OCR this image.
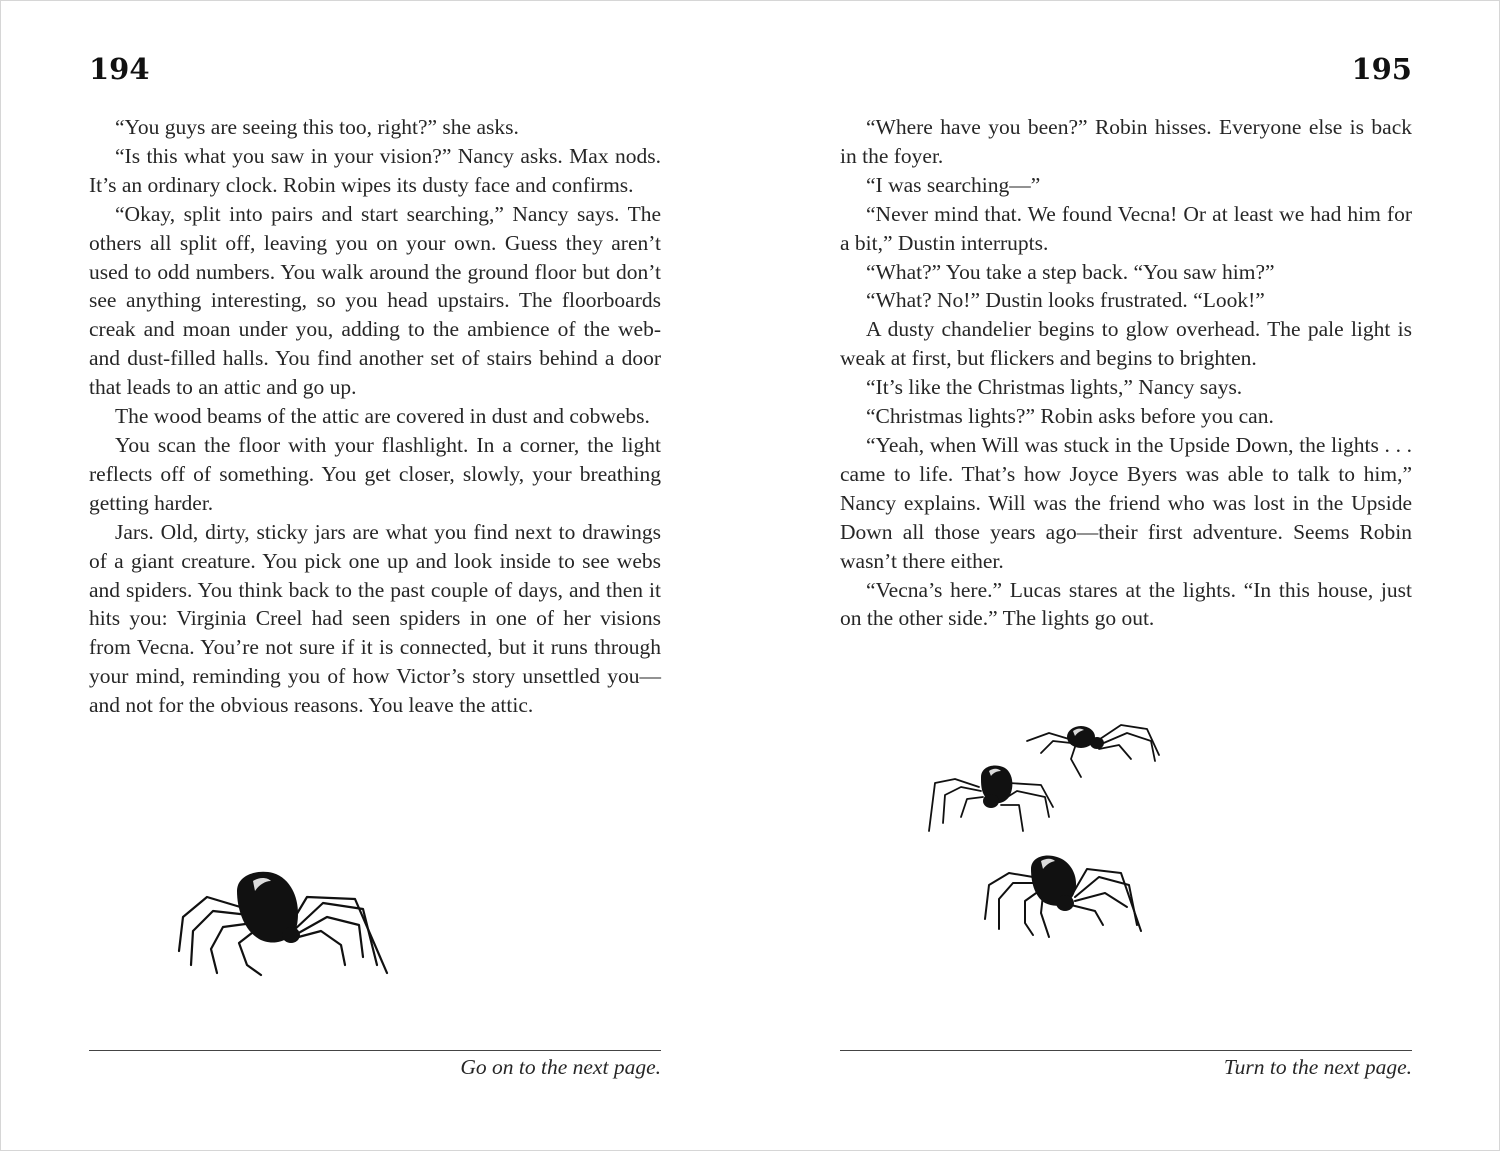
194

“You guys are seeing this too, right?” she asks.

“Is this what you saw in your vision?” Nancy asks. Max nods. It’s an ordinary clock. Robin wipes its dusty face and confirms.

“Okay, split into pairs and start searching,” Nancy says. The others all split off, leaving you on your own. Guess they aren’t used to odd numbers. You walk around the ground floor but don’t see anything interesting, so you head upstairs. The floorboards creak and moan under you, adding to the ambience of the web- and dust-filled halls. You find another set of stairs behind a door that leads to an attic and go up.

The wood beams of the attic are covered in dust and cobwebs.

You scan the floor with your flashlight. In a corner, the light reflects off of something. You get closer, slowly, your breathing getting harder.

Jars. Old, dirty, sticky jars are what you find next to drawings of a giant creature. You pick one up and look inside to see webs and spiders. You think back to the past couple of days, and then it hits you: Virginia Creel had seen spiders in one of her visions from Vecna. You’re not sure if it is connected, but it runs through your mind, reminding you of how Victor’s story unsettled you—and not for the obvious reasons. You leave the attic.

Go on to the next page.
195

“Where have you been?” Robin hisses. Everyone else is back in the foyer.

“I was searching—”

“Never mind that. We found Vecna! Or at least we had him for a bit,” Dustin interrupts.

“What?” You take a step back. “You saw him?”

“What? No!” Dustin looks frustrated. “Look!”

A dusty chandelier begins to glow overhead. The pale light is weak at first, but flickers and begins to brighten.

“It’s like the Christmas lights,” Nancy says.

“Christmas lights?” Robin asks before you can.

“Yeah, when Will was stuck in the Upside Down, the lights . . . came to life. That’s how Joyce Byers was able to talk to him,” Nancy explains. Will was the friend who was lost in the Upside Down all those years ago—their first adventure. Seems Robin wasn’t there either.

“Vecna’s here.” Lucas stares at the lights. “In this house, just on the other side.” The lights go out.

Turn to the next page.
